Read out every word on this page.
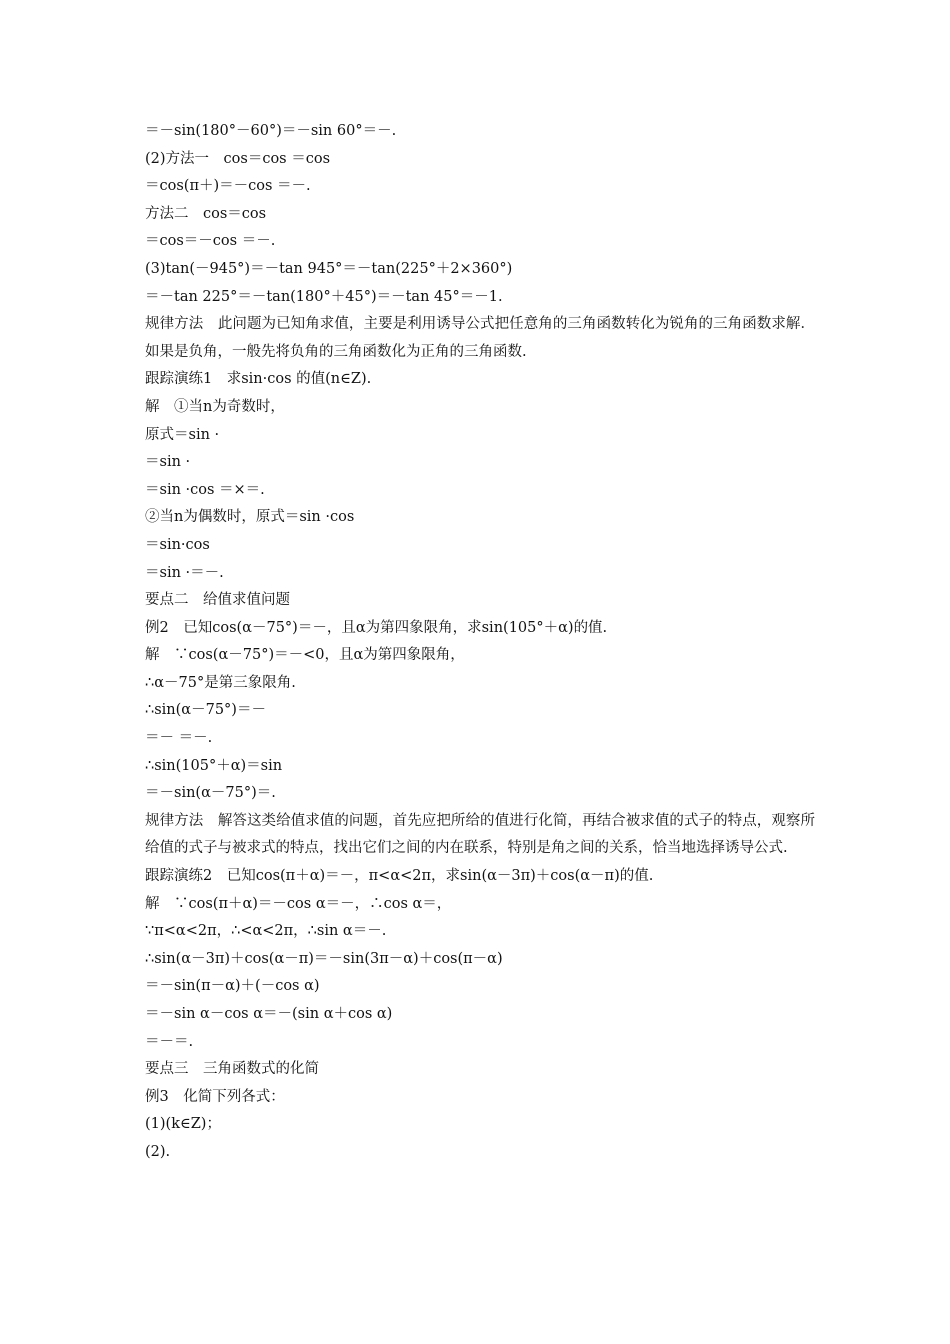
＝－sin(180°－60°)＝－sin 60°＝－.
(2)方法一　cos＝cos ＝cos
＝cos(π＋)＝－cos ＝－.
方法二　cos＝cos
＝cos＝－cos ＝－.
(3)tan(－945°)＝－tan 945°＝－tan(225°＋2×360°)
＝－tan 225°＝－tan(180°＋45°)＝－tan 45°＝－1.
规律方法　此问题为已知角求值，主要是利用诱导公式把任意角的三角函数转化为锐角的三角函数求解．如果是负角，一般先将负角的三角函数化为正角的三角函数.
跟踪演练1　求sin·cos 的值(n∈Z).
解　①当n为奇数时，
原式＝sin ·
＝sin ·
＝sin ·cos ＝×＝.
②当n为偶数时，原式＝sin ·cos
＝sin·cos
＝sin ·＝－.
要点二　给值求值问题
例2　已知cos(α－75°)＝－，且α为第四象限角，求sin(105°＋α)的值.
解　∵cos(α－75°)＝－<0，且α为第四象限角，
∴α－75°是第三象限角.
∴sin(α－75°)＝－
＝－ ＝－.
∴sin(105°＋α)＝sin
＝－sin(α－75°)＝.
规律方法　解答这类给值求值的问题，首先应把所给的值进行化简，再结合被求值的式子的特点，观察所给值的式子与被求式的特点，找出它们之间的内在联系，特别是角之间的关系，恰当地选择诱导公式.
跟踪演练2　已知cos(π＋α)＝－，π<α<2π，求sin(α－3π)＋cos(α－π)的值.
解　∵cos(π＋α)＝－cos α＝－，∴cos α＝，
∵π<α<2π，∴<α<2π，∴sin α＝－.
∴sin(α－3π)＋cos(α－π)＝－sin(3π－α)＋cos(π－α)
＝－sin(π－α)＋(－cos α)
＝－sin α－cos α＝－(sin α＋cos α)
＝－＝.
要点三　三角函数式的化简
例3　化简下列各式：
(1)(k∈Z)；
(2).
